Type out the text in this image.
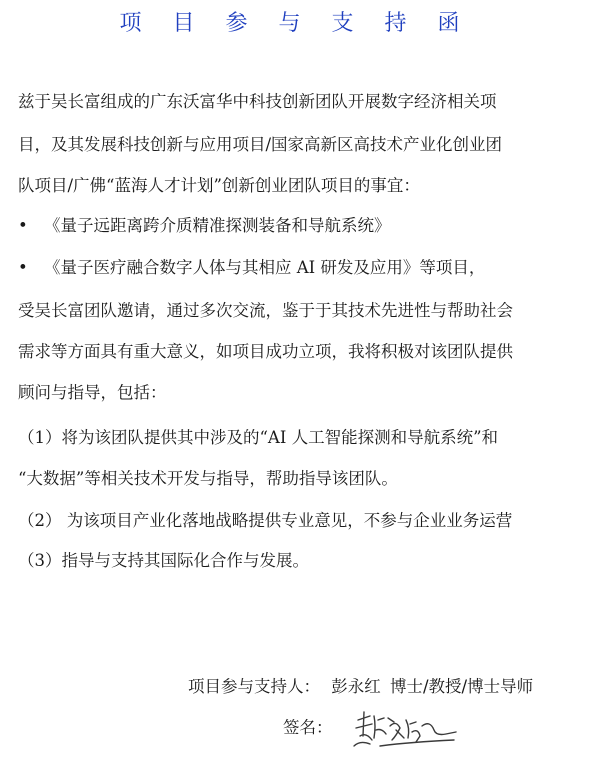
项 目 参 与 支 持 函
兹于吴长富组成的广东沃富华中科技创新团队开展数字经济相关项
目，及其发展科技创新与应用项目/国家高新区高技术产业化创业团
队项目/广佛“蓝海人才计划”创新创业团队项目的事宜：
• 《量子远距离跨介质精准探测装备和导航系统》
• 《量子医疗融合数字人体与其相应 AI 研发及应用》等项目，
受吴长富团队邀请，通过多次交流，鉴于于其技术先进性与帮助社会
需求等方面具有重大意义，如项目成功立项，我将积极对该团队提供
顾问与指导，包括：
（1）将为该团队提供其中涉及的“AI 人工智能探测和导航系统”和
“大数据”等相关技术开发与指导，帮助指导该团队。
（2） 为该项目产业化落地战略提供专业意见，不参与企业业务运营
（3）指导与支持其国际化合作与发展。
项目参与支持人： 彭永红 博士/教授/博士导师
签名：
